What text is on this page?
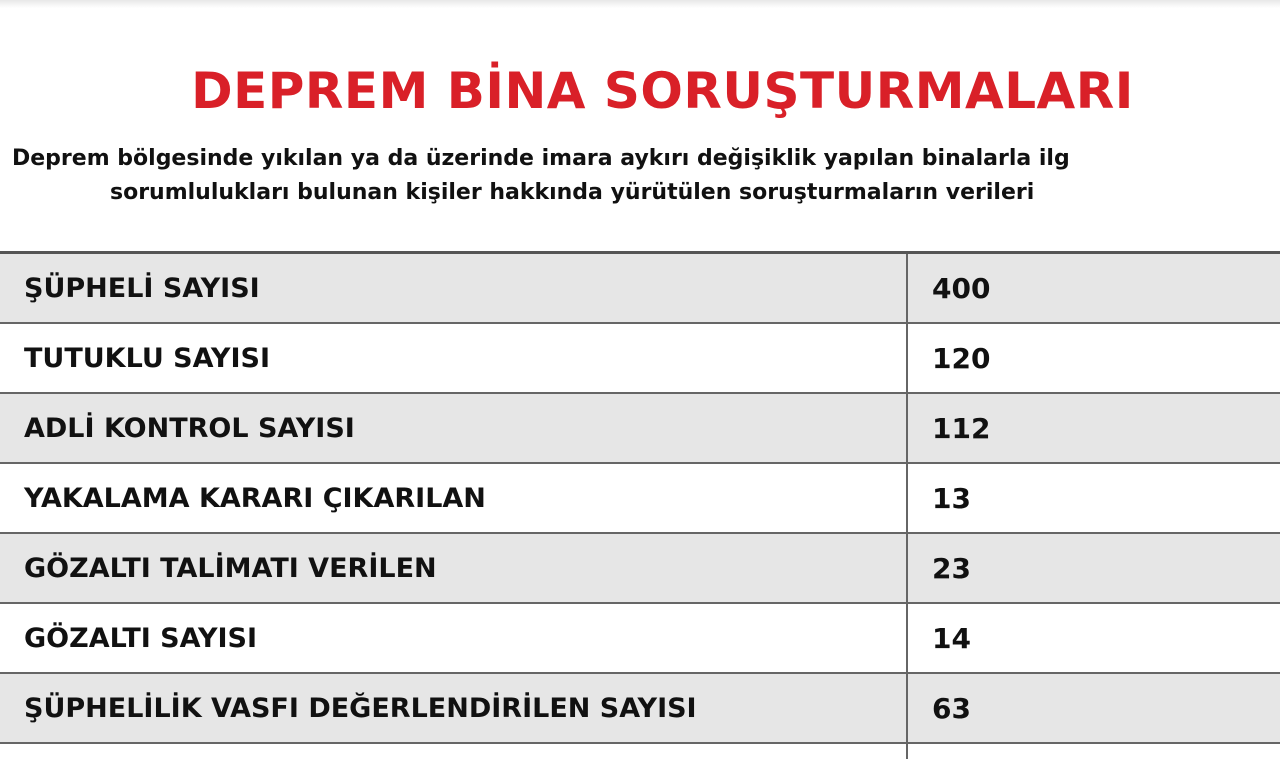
DEPREM BİNA SORUŞTURMALARI
Deprem bölgesinde yıkılan ya da üzerinde imara aykırı değişiklik yapılan binalarla ilg
sorumlulukları bulunan kişiler hakkında yürütülen soruşturmaların verileri
ŞÜPHELİ SAYISI	400
TUTUKLU SAYISI	120
ADLİ KONTROL SAYISI	112
YAKALAMA KARARI ÇIKARILAN	13
GÖZALTI TALİMATI VERİLEN	23
GÖZALTI SAYISI	14
ŞÜPHELİLİK VASFI DEĞERLENDİRİLEN SAYISI	63
